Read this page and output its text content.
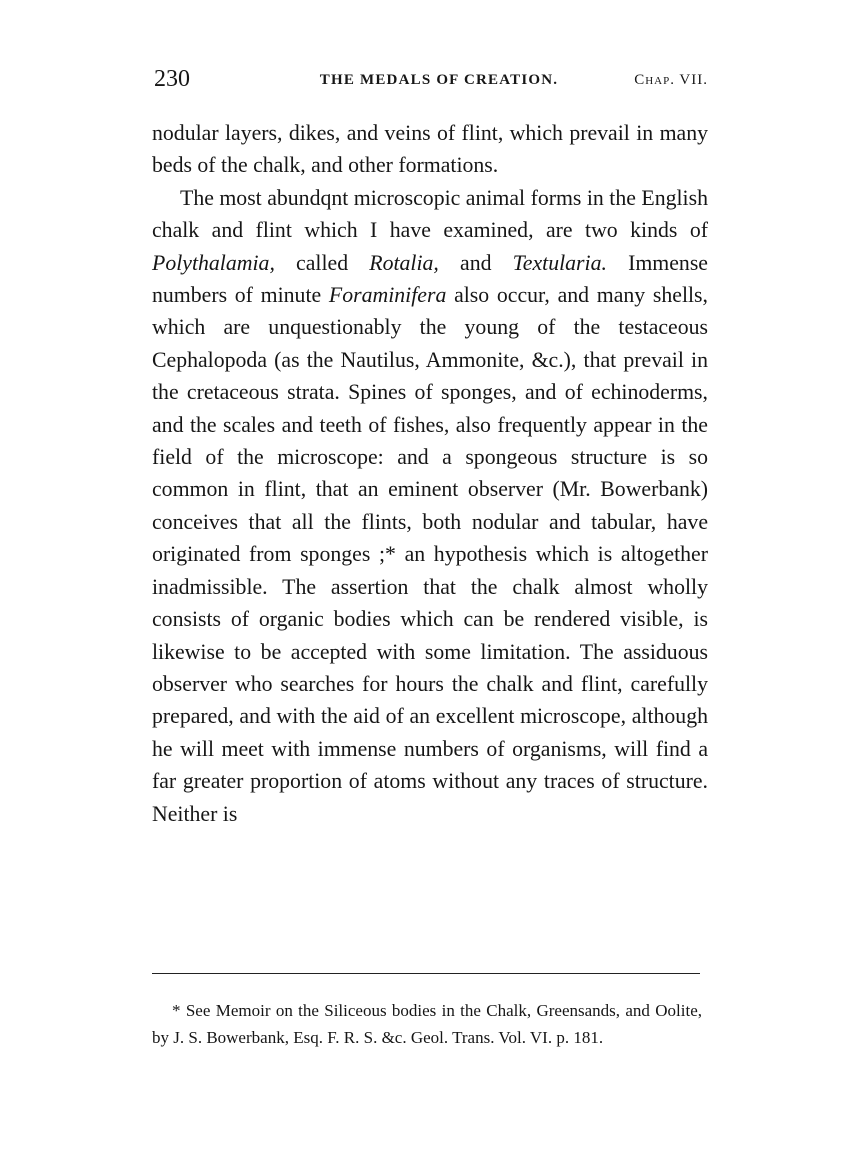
230	THE MEDALS OF CREATION.	Chap. VII.

nodular layers, dikes, and veins of flint, which prevail in many beds of the chalk, and other formations.

The most abundqnt microscopic animal forms in the English chalk and flint which I have examined, are two kinds of Polythalamia, called Rotalia, and Textularia. Immense numbers of minute Foraminifera also occur, and many shells, which are unquestionably the young of the testaceous Cephalopoda (as the Nautilus, Ammonite, &c.), that prevail in the cretaceous strata. Spines of sponges, and of echinoderms, and the scales and teeth of fishes, also frequently appear in the field of the microscope: and a spongeous structure is so common in flint, that an eminent observer (Mr. Bowerbank) conceives that all the flints, both nodular and tabular, have originated from sponges ;* an hypothesis which is altogether inadmissible. The assertion that the chalk almost wholly consists of organic bodies which can be rendered visible, is likewise to be accepted with some limitation. The assiduous observer who searches for hours the chalk and flint, carefully prepared, and with the aid of an excellent microscope, although he will meet with immense numbers of organisms, will find a far greater proportion of atoms without any traces of structure. Neither is

* See Memoir on the Siliceous bodies in the Chalk, Greensands, and Oolite, by J. S. Bowerbank, Esq. F. R. S. &c. Geol. Trans. Vol. VI. p. 181.
